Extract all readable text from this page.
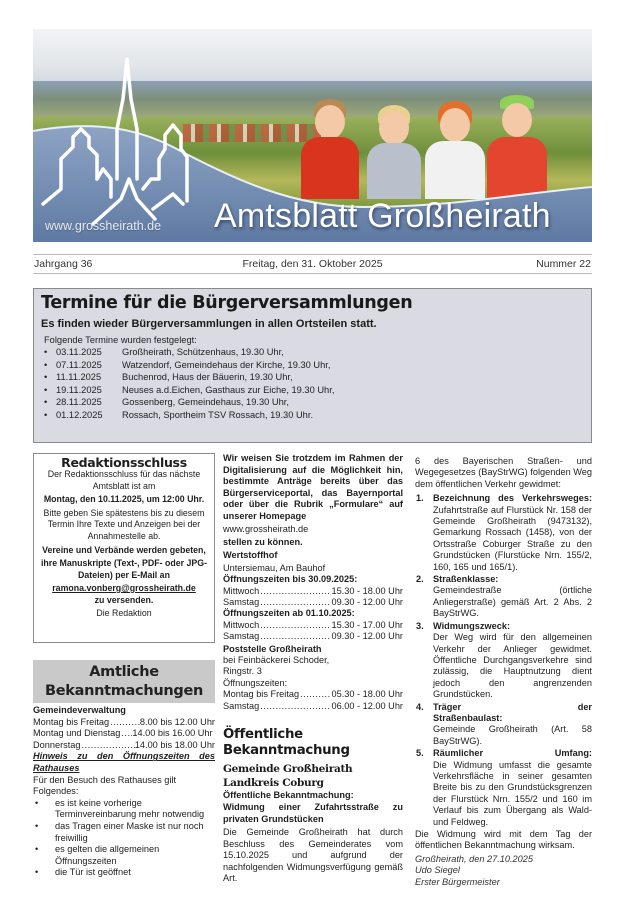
www.grossheirath.de Amtsblatt Großheirath
Jahrgang 36	Freitag, den 31. Oktober 2025	Nummer 22
Termine für die Bürgerversammlungen
Es finden wieder Bürgerversammlungen in allen Ortsteilen statt.
Folgende Termine wurden festgelegt:
• 03.11.2025	Großheirath, Schützenhaus, 19.30 Uhr,
• 07.11.2025	Watzendorf, Gemeindehaus der Kirche, 19.30 Uhr,
• 11.11.2025	Buchenrod, Haus der Bäuerin, 19.30 Uhr,
• 19.11.2025	Neuses a.d.Eichen, Gasthaus zur Eiche, 19.30 Uhr,
• 28.11.2025	Gossenberg, Gemeindehaus, 19.30 Uhr,
• 01.12.2025	Rossach, Sportheim TSV Rossach, 19.30 Uhr.
Redaktionsschluss

Der Redaktionsschluss für das nächste Amtsblatt ist am

Montag, den 10.11.2025, um 12:00 Uhr.

Bitte geben Sie spätestens bis zu diesem Termin Ihre Texte und Anzeigen bei der Annahmestelle ab.

Vereine und Verbände werden gebeten, ihre Manuskripte (Text-, PDF- oder JPG-Dateien) per E-Mail an

ramona.vonberg@grossheirath.de

zu versenden.

Die Redaktion

Amtliche Bekanntmachungen
Gemeindeverwaltung
Montag bis Freitag .....	8.00 bis 12.00 Uhr
Montag und Dienstag ..... 14.00 bis 16.00 Uhr
Donnerstag .....	14.00 bis 18.00 Uhr
Hinweis zu den Öffnungszeiten des Rathauses
Für den Besuch des Rathauses gilt Folgendes:
•	es ist keine vorherige Terminvereinbarung mehr notwendig
•	das Tragen einer Maske ist nur noch freiwillig
•	es gelten die allgemeinen Öffnungszeiten
•	die Tür ist geöffnet
Wir weisen Sie trotzdem im Rahmen der Digitalisierung auf die Möglichkeit hin, bestimmte Anträge bereits über das Bürgerserviceportal, das Bayernportal oder über die Rubrik „Formulare“ auf unserer Homepage
www.grossheirath.de
stellen zu können.
Wertstoffhof
Untersiemau, Am Bauhof
Öffnungszeiten bis 30.09.2025:
Mittwoch .....	15.30 - 18.00 Uhr
Samstag .....	09.30 - 12.00 Uhr
Öffnungszeiten ab 01.10.2025:
Mittwoch .....	15.30 - 17.00 Uhr
Samstag .....	09.30 - 12.00 Uhr
Poststelle Großheirath
bei Feinbäckerei Schoder,
Ringstr. 3
Öffnungszeiten:
Montag bis Freitag .....	05.30 - 18.00 Uhr
Samstag .....	06.00 - 12.00 Uhr
Öffentliche Bekanntmachung
Gemeinde Großheirath
Landkreis Coburg
Öffentliche Bekanntmachung:
Widmung einer Zufahrtsstraße zu privaten Grundstücken
Die Gemeinde Großheirath hat durch Beschluss des Gemeinderates vom 15.10.2025 und aufgrund der nachfolgenden Widmungsverfügung gemäß Art.
6 des Bayerischen Straßen- und Wegegesetzes (BayStrWG) folgenden Weg dem öffentlichen Verkehr gewidmet:
1.	Bezeichnung des Verkehrsweges:
Zufahrtstraße auf Flurstück Nr. 158 der Gemeinde Großheirath (9473132), Gemarkung Rossach (1458), von der Ortsstraße Coburger Straße zu den Grundstücken (Flurstücke Nrn. 155/2, 160, 165 und 165/1).
2.	Straßenklasse:
Gemeindestraße (örtliche Anliegerstraße) gemäß Art. 2 Abs. 2 BayStrWG.
3.	Widmungszweck:
Der Weg wird für den allgemeinen Verkehr der Anlieger gewidmet. Öffentliche Durchgangsverkehre sind zulässig, die Hauptnutzung dient jedoch den angrenzenden Grundstücken.
4.	Träger der Straßenbaulast:
Gemeinde Großheirath (Art. 58 BayStrWG).
5.	Räumlicher Umfang:
Die Widmung umfasst die gesamte Verkehrsfläche in seiner gesamten Breite bis zu den Grundstücksgrenzen der Flurstück Nrn. 155/2 und 160 im Verlauf bis zum Übergang als Wald- und Feldweg.
Die Widmung wird mit dem Tag der öffentlichen Bekanntmachung wirksam.
Großheirath, den 27.10.2025
Udo Siegel
Erster Bürgermeister
